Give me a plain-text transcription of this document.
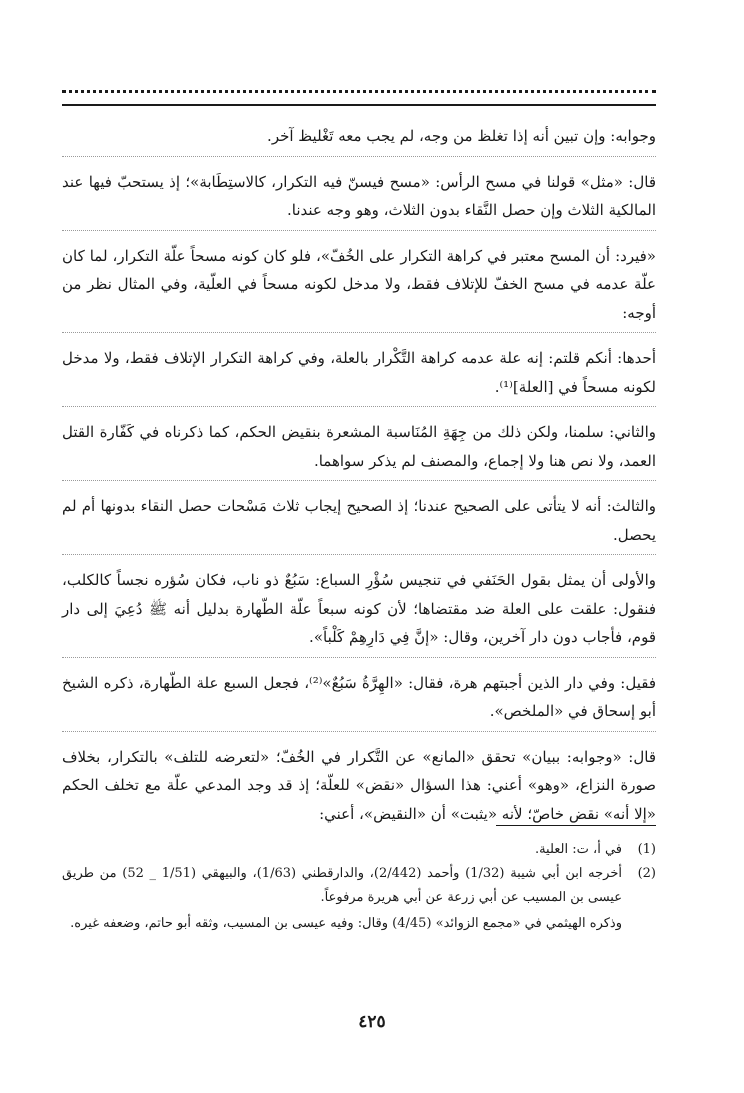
وجوابه: وإن تبين أنه إذا تغلظ من وجه، لم يجب معه تَغْليظ آخر.

قال: «مثل» قولنا في مسح الرأس: «مسح فيسنّ فيه التكرار، كالاستِطَابة»؛ إذ يستحبّ فيها عند المالكية الثلاث وإن حصل النَّقاء بدون الثلاث، وهو وجه عندنا.

«فيرد: أن المسح معتبر في كراهة التكرار على الخُفّ»، فلو كان كونه مسحاً علّة التكرار، لما كان علّة عدمه في مسح الخفّ للإتلاف فقط، ولا مدخل لكونه مسحاً في العلّية، وفي المثال نظر من أوجه:

أحدها: أنكم قلتم: إنه علة عدمه كراهة التَّكْرار بالعلة، وفي كراهة التكرار الإتلاف فقط، ولا مدخل لكونه مسحاً في [العلة]⁽¹⁾.

والثاني: سلمنا، ولكن ذلك من جِهَةِ المُنَاسبة المشعرة بنقيض الحكم، كما ذكرناه في كَفّارة القتل العمد، ولا نص هنا ولا إجماع، والمصنف لم يذكر سواهما.

والثالث: أنه لا يتأتى على الصحيح عندنا؛ إذ الصحيح إيجاب ثلاث مَسْحات حصل النقاء بدونها أم لم يحصل.

والأولى أن يمثل بقول الحَنَفي في تنجيس سُؤْرِ السباع: سَبُعٌ ذو ناب، فكان سُؤره نجساً كالكلب، فنقول: علقت على العلة ضد مقتضاها؛ لأن كونه سبعاً علّة الطّهارة بدليل أنه ﷺ دُعِيَ إلى دار قوم، فأجاب دون دار آخرين، وقال: «إنَّ فِي دَارِهِمْ كَلْباً».

فقيل: وفي دار الذين أجبتهم هرة، فقال: «الهِرَّةُ سَبُعٌ»⁽²⁾، فجعل السبع علة الطّهارة، ذكره الشيخ أبو إسحاق في «الملخص».

قال: «وجوابه: ببيان» تحقق «المانع» عن التَّكرار في الخُفّ؛ «لتعرضه للتلف» بالتكرار، بخلاف صورة النزاع، «وهو» أعني: هذا السؤال «نقض» للعلّة؛ إذ قد وجد المدعي علّة مع تخلف الحكم «إلا أنه» نقض خاصّ؛ لأنه «يثبت» أن «النقيض»، أعني:

(1)
في أ، ت: العلية.
(2)
أخرجه ابن أبي شيبة (1/32) وأحمد (2/442)، والدارقطني (1/63)، والبيهقي (1/51 _ 52) من طريق عيسى بن المسيب عن أبي زرعة عن أبي هريرة مرفوعاً.
وذكره الهيثمي في «مجمع الزوائد» (4/45) وقال: وفيه عيسى بن المسيب، وثقه أبو حاتم، وضعفه غيره.
٤٢٥
